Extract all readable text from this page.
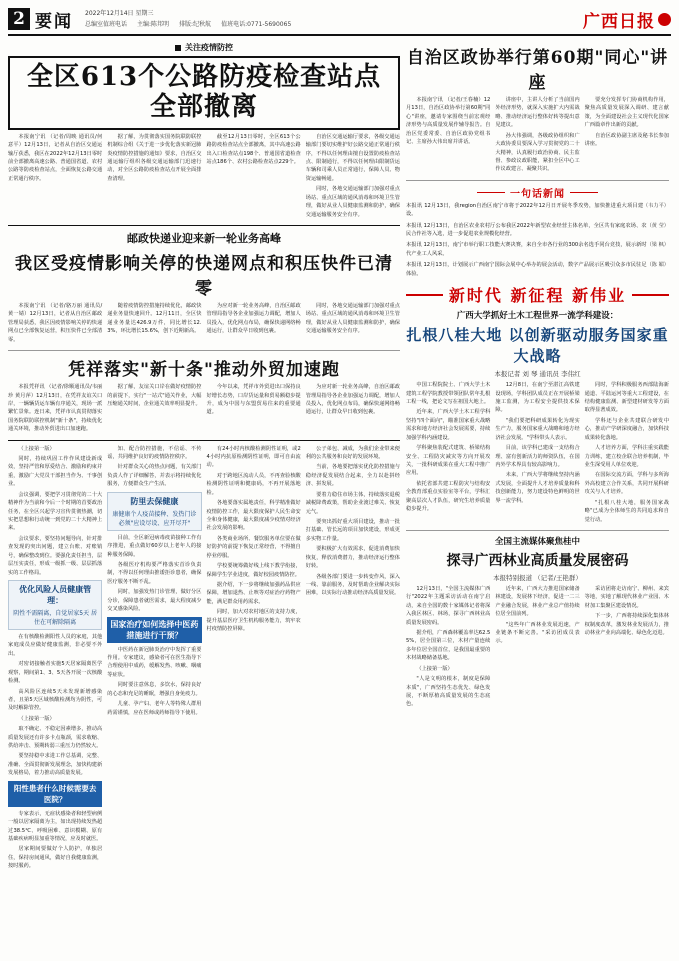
2 要闻 2022年12月14日 星期三
总编室值班电话 主编:陈邦明 排版:纪秋航 值班电话:0771-5690065	广西日报
关注疫情防控
全区613个公路防疫检查站点全部撤离

本报南宁讯 （记者/周映 通讯员/何意平）12月13日，记者从自治区交通运输厅获悉，我区在2022年12月13日零时前全部撤离高速公路、普通国省道、农村公路等防疫检查站点，全面恢复公路交通正常通行秩序。

据了解，为贯彻落实国务院联防联控机制综合组《关于进一步优化落实新冠肺炎疫情防控措施的通知》要求，自治区交通运输厅组织各级交通运输部门迅速行动，对全区公路防疫检查站点开展全面排查清理。

截至12月13日零时，全区613个公路防疫检查站点全部撤离，其中高速公路出入口检查站点198个、普通国省道检查站点186个、农村公路检查站点229个。

自治区交通运输厅要求，各级交通运输部门要切实维护好公路交通正常通行秩序，不得以任何理由擅自设置防疫检查站点、限制通行，不得以任何理由限制货运车辆和司乘人员正常通行，保障人员、物资运输畅通。

同时，各地交通运输部门加强对重点场站、重点区域的通风消毒和环境卫生管理，做好从业人员健康监测和防护，确保交通运输服务安全有序。

邮政快递业迎来新一轮业务高峰
我区受疫情影响关停的快递网点和积压快件已清零

本报南宁讯 （记者/骆万丽 通讯员/黄一婧）12月13日，记者从自治区邮政管理局获悉，我区因疫情影响关停的快递网点已全部恢复运营，积压快件已全部清零。

随着疫情防控措施持续优化，邮政快递业务量快速回升。12月11日，全区快递业务量达426.9万件，同比增长12.3%，环比增长15.6%，创下近期新高。

为应对新一轮业务高峰，自治区邮政管理局指导各企业加强运力调配，增加人员投入，优化网点布局，确保快递网络畅通运行，让群众早日收到包裹。

同时，各地交通运输部门加强对重点场站、重点区域的通风消毒和环境卫生管理，做好从业人员健康监测和防护，确保交通运输服务安全有序。

凭祥落实"新十条"推动外贸加速跑

本报凭祥讯 （记者/徐顺通讯员/韦丽珍 黄月萍）12月13日，在凭祥友谊关口岸，一辆辆货运车辆有序通关，现场一派繁忙景象。连日来，凭祥市认真贯彻落实国务院联防联控机制"新十条"，持续优化通关环境，推动外贸进出口加速跑。

据了解，友谊关口岸在做好疫情防控的前提下，实行"一站式"通关作业，大幅压缩通关时间，企业通关效率明显提升。

今年以来，凭祥市外贸进出口保持良好增长态势，口岸货运量和贸易额稳步提升，成为中国与东盟贸易往来的重要通道。

为应对新一轮业务高峰，自治区邮政管理局指导各企业加强运力调配，增加人员投入，优化网点布局，确保快递网络畅通运行，让群众早日收到包裹。

（上接第一版）

同时，持续巩固工作作风建设新成效，坚持严管和厚爱结合、激励和约束并重，激励广大党员干部担当作为、干事创业。

会议强调，要把学习贯彻党的二十大精神作为当前和今后一个时期的首要政治任务，在全区兴起学习宣传贯彻热潮，切实把思想和行动统一到党的二十大精神上来。

会议要求，要坚持问题导向，针对排查发现的突出问题，建立台账、对账销号，确保整改到位。要强化责任担当，层层压实责任，形成一级抓一级、层层抓落实的工作格局。

优化风险人员健康管理：
阴性不需隔离，自觉居家5天 居住在可解除隔离

在有核酸检测阳性人员的家庭，其他家庭成员应做好健康监测，非必要不外出。

对密切接触者实施5天居家隔离医学观察，期间第1、3、5天各开展一次核酸检测。

高风险区连续5天未发现新增感染者，且第5天区域核酸检测均为阴性，可及时解除管控。

（上接第一版）

取不确定、不稳定因素增多，推动高质量发展还有许多卡点瓶颈，需求收缩、供给冲击、预期转弱三重压力仍然较大。

要坚持稳中求进工作总基调，完整、准确、全面贯彻新发展理念，加快构建新发展格局，着力推动高质量发展。

阳性患者什么时候需要去医院？

专家表示，无症状感染者和轻型病例一般以居家隔离为主，如出现持续发热超过38.5℃、呼吸困难、意识模糊、原有基础疾病明显加重等情况，应及时就医。

居家期间要做好个人防护，单独居住，保持房间通风，做好自我健康监测，按时服药。

知、配合防控措施，不信谣、不传谣，共同维护良好的疫情防控秩序。

针对群众关心的热点问题，有关部门负责人作了详细解答，并表示将持续优化服务，方便群众生产生活。

防里去保健康
康健康个人疫苗接种、发热门诊必须"应设尽设、应开尽开"

目前，全区新冠病毒疫苗接种工作有序推进，重点做好60岁以上老年人的接种服务保障。

各级医疗机构要严格落实首诊负责制，不得以任何理由推诿拒诊患者，确保医疗服务不断不乱。

同时，加强发热门诊管理，做好分区分诊，保障患者就医需求，最大程度减少交叉感染风险。

国家治疗如何选择中医药措施进行干预？

中医药在新冠肺炎治疗中发挥了重要作用。专家建议，感染者可在医生指导下合理使用中成药，缓解发热、咳嗽、咽痛等症状。

同时要注意休息，多饮水，保持良好的心态和充足的睡眠，增强自身免疫力。

儿童、孕产妇、老年人等特殊人群用药需谨慎，应在医师或药师指导下使用。

有24小时内核酸检测阴性证明，或24小时内抗原检测阴性证明，即可自由流动。

对于跨地区流动人员，不再查验核酸检测阴性证明和健康码，不再开展落地检。

各地要落实属地责任，科学精准做好疫情防控工作，最大限度保护人民生命安全和身体健康，最大限度减少疫情对经济社会发展的影响。

各类商业场所、餐饮服务单位要在做好防护的前提下恢复正常经营，不得擅自停业停服。

学校要统筹做好线上线下教学衔接，保障学生学业进度，做好校园疫情防控。

据介绍，下一步将继续加强药品供应保障，增加退热、止咳等对症治疗药物产能，满足群众用药需求。

同时，加大对农村地区的支持力度，提升基层医疗卫生机构服务能力，筑牢农村疫情防控屏障。

公子弟包、减成，为我们企业带来便利的公共服务和良好的发展环境。

当前，各地要把落实优化防控措施与稳经济促发展结合起来，全力以赴拼经济、拼发展。

要着力稳住市场主体，持续落实退税减税降费政策，帮助企业渡过难关、恢复元气。

要突出抓好重大项目建设，推动一批打基础、管长远的项目加快建设，形成更多实物工作量。

要积极扩大有效需求，促进消费加快恢复，释放消费潜力，推动经济运行整体好转。

各级各部门要进一步转变作风，深入一线、靠前服务，及时帮助企业解决实际困难，以实际行动推动经济高质量发展。

自治区政协举行第60期"同心"讲座

本报南宁讯 （记者/王春楠）12月13日，自治区政协举行第60期"同心"讲座，邀请专家围绕当前宏观经济形势与高质量发展作辅导报告。自治区党委常委、自治区政协党组书记、主席孙大伟出席并讲话。

讲座中，主讲人分析了当前国内外经济形势，就深入实施扩大内需战略、推动经济运行整体好转等提出意见建议。

孙大伟强调，各级政协组织和广大政协委员要深入学习贯彻党的二十大精神，认真履行政治协商、民主监督、参政议政职能，紧扣全区中心工作议政建言、凝聚共识。

要充分发挥专门协商机构作用，聚焦高质量发展深入调研、建言献策，为全面建设社会主义现代化国家广西篇章作出新的贡献。

自治区政协副主席及秘书长参加讲座。

一句话新闻
（韦力平）
本报讯 12月13日，我region自治区南宁市将于2022年12月日开展冬季攻势，加快推进重大项目建设。
（黄 莹）
本报讯 12月13日，自治区农业农村厅公布我区2022年新型农业经营主体名单，全区共有家庭农场、农民合作社等入选，进一步促进农业规模化经营。
（梁 枫）
本报讯 12月13日，南宁市举行职工技能大赛决赛，来自全市各行业的300余名选手同台竞技，展示新时代产业工人风采。
（陈 媚）
本报讯 12月13日，计划展示广西南宁国际会展中心举办的展会活动，数字产品展示区吸引众多市民驻足体验。
新时代 新征程 新伟业
广西大学抓好土木工程世界一流学科建设：
扎根八桂大地 以创新驱动服务国家重大战略
本报记者 刘 琴 通讯员 李伟红

中国工程院院士、广西大学土木建筑工程学院教授带领团队常年扎根工程一线，把论文写在祖国大地上。

近年来，广西大学土木工程学科坚持"四个面向"，瞄准国家重大战略需求和地方经济社会发展需要，持续加强学科内涵建设。

学科聚焦装配式建筑、桥梁结构安全、工程防灾减灾等方向开展攻关，一批科研成果在重大工程中推广应用。

依托省部共建工程防灾与结构安全教育部重点实验室等平台，学科汇聚高层次人才队伍，研究生培养质量稳步提升。

12月8日，在南宁至湛江高铁建设现场，学科团队成员正在开展桥梁施工监测，为工程安全提供技术保障。

"我们要把科研成果转化为现实生产力，服务国家重大战略和地方经济社会发展。"学科带头人表示。

目前，该学科已建成一支结构合理、富有创新活力的师资队伍，在国内外学术界具有较高影响力。

未来，广西大学将继续坚持内涵式发展，全面提升人才培养质量和科技创新能力，努力建设特色鲜明的世界一流学科。

同时，学科积极服务西部陆海新通道、平陆运河等重大工程建设，在结构健康监测、新型建材研发等方面取得显著成效。

学科还与企业共建联合研发中心，推动产学研深度融合，加快科技成果转化落地。

人才培养方面，学科注重实践能力训练，建立校企联合培养机制，毕业生深受用人单位欢迎。

在国际交流方面，学科与多所海外高校建立合作关系，共同开展科研攻关与人才培养。

"扎根八桂大地，服务国家战略"已成为全体师生的共同追求和自觉行动。

全国主流媒体聚焦桂中
探寻广西林业高质量发展密码
本报特别报道 （记者/王艳群）

12月13日，"全国主流媒体广西行"2022年主题采访活动在南宁启动，来自全国的数十家媒体记者将深入我区林区、林场，探寻广西林业高质量发展密码。

据介绍，广西森林覆盖率达62.55%，居全国第三位，木材产量连续多年位居全国首位，是我国最重要的木材战略储备基地。

（上接第一版）

"人是文明的根本，制度是保障本质"，广西坚持生态优先、绿色发展，不断厚植高质量发展的生态底色。

近年来，广西大力推进国家储备林建设，发展林下经济，促进一二三产业融合发展，林业产业总产值持续位居全国前列。

"这些年广西林业发展迅速，产业链条不断完善。"采访团成员表示。

采访团将走访南宁、柳州、来宾等地，实地了解现代林业产业园、木材加工集聚区建设情况。

下一步，广西将持续深化集体林权制度改革，激发林业发展活力，推动林业产业向高端化、绿色化迈进。
